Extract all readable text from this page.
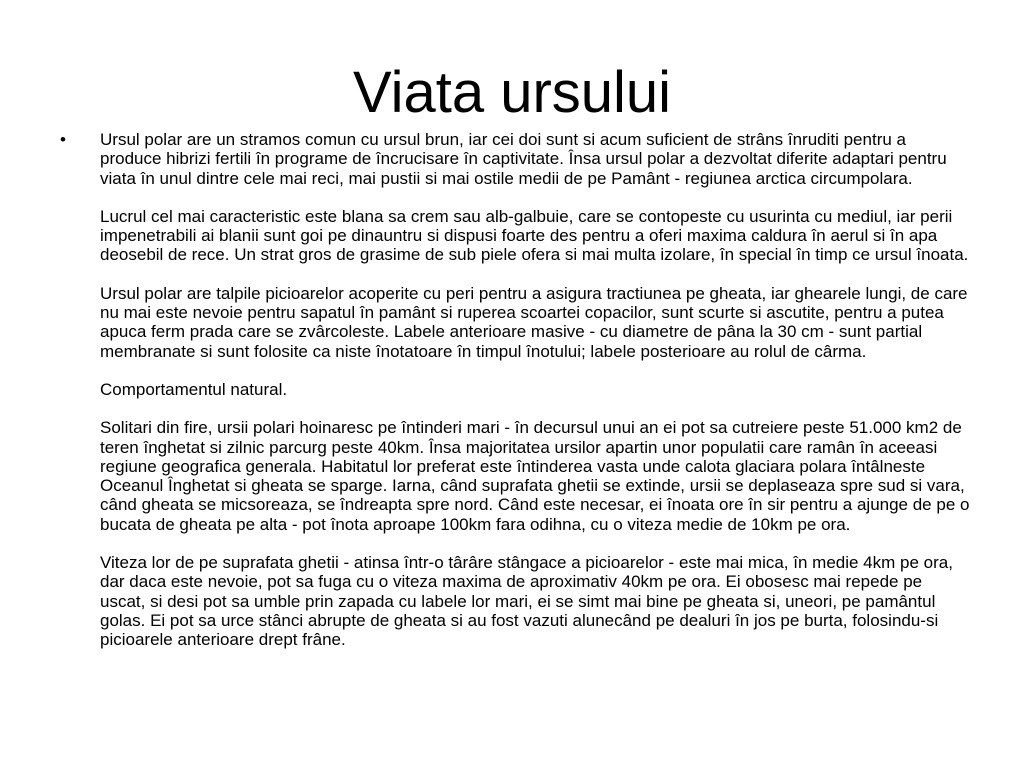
Viata ursului
•	Ursul polar are un stramos comun cu ursul brun, iar cei doi sunt si acum suficient de strâns înruditi pentru a produce hibrizi fertili în programe de încrucisare în captivitate. Însa ursul polar a dezvoltat diferite adaptari pentru viata în unul dintre cele mai reci, mai pustii si mai ostile medii de pe Pamânt - regiunea arctica circumpolara.

Lucrul cel mai caracteristic este blana sa crem sau alb-galbuie, care se contopeste cu usurinta cu mediul, iar perii impenetrabili ai blanii sunt goi pe dinauntru si dispusi foarte des pentru a oferi maxima caldura în aerul si în apa deosebil de rece. Un strat gros de grasime de sub piele ofera si mai multa izolare, în special în timp ce ursul înoata.

Ursul polar are talpile picioarelor acoperite cu peri pentru a asigura tractiunea pe gheata, iar ghearele lungi, de care nu mai este nevoie pentru sapatul în pamânt si ruperea scoartei copacilor, sunt scurte si ascutite, pentru a putea apuca ferm prada care se zvârcoleste. Labele anterioare masive - cu diametre de pâna la 30 cm - sunt partial membranate si sunt folosite ca niste înotatoare în timpul înotului; labele posterioare au rolul de cârma.

Comportamentul natural.

Solitari din fire, ursii polari hoinaresc pe întinderi mari - în decursul unui an ei pot sa cutreiere peste 51.000 km2 de teren înghetat si zilnic parcurg peste 40km. Însa majoritatea ursilor apartin unor populatii care ramân în aceeasi regiune geografica generala. Habitatul lor preferat este întinderea vasta unde calota glaciara polara întâlneste Oceanul Înghetat si gheata se sparge. Iarna, când suprafata ghetii se extinde, ursii se deplaseaza spre sud si vara, când gheata se micsoreaza, se îndreapta spre nord. Când este necesar, ei înoata ore în sir pentru a ajunge de pe o bucata de gheata pe alta - pot înota aproape 100km fara odihna, cu o viteza medie de 10km pe ora.

Viteza lor de pe suprafata ghetii - atinsa într-o târâre stângace a picioarelor - este mai mica, în medie 4km pe ora, dar daca este nevoie, pot sa fuga cu o viteza maxima de aproximativ 40km pe ora. Ei obosesc mai repede pe uscat, si desi pot sa umble prin zapada cu labele lor mari, ei se simt mai bine pe gheata si, uneori, pe pamântul golas. Ei pot sa urce stânci abrupte de gheata si au fost vazuti alunecând pe dealuri în jos pe burta, folosindu-si picioarele anterioare drept frâne.
